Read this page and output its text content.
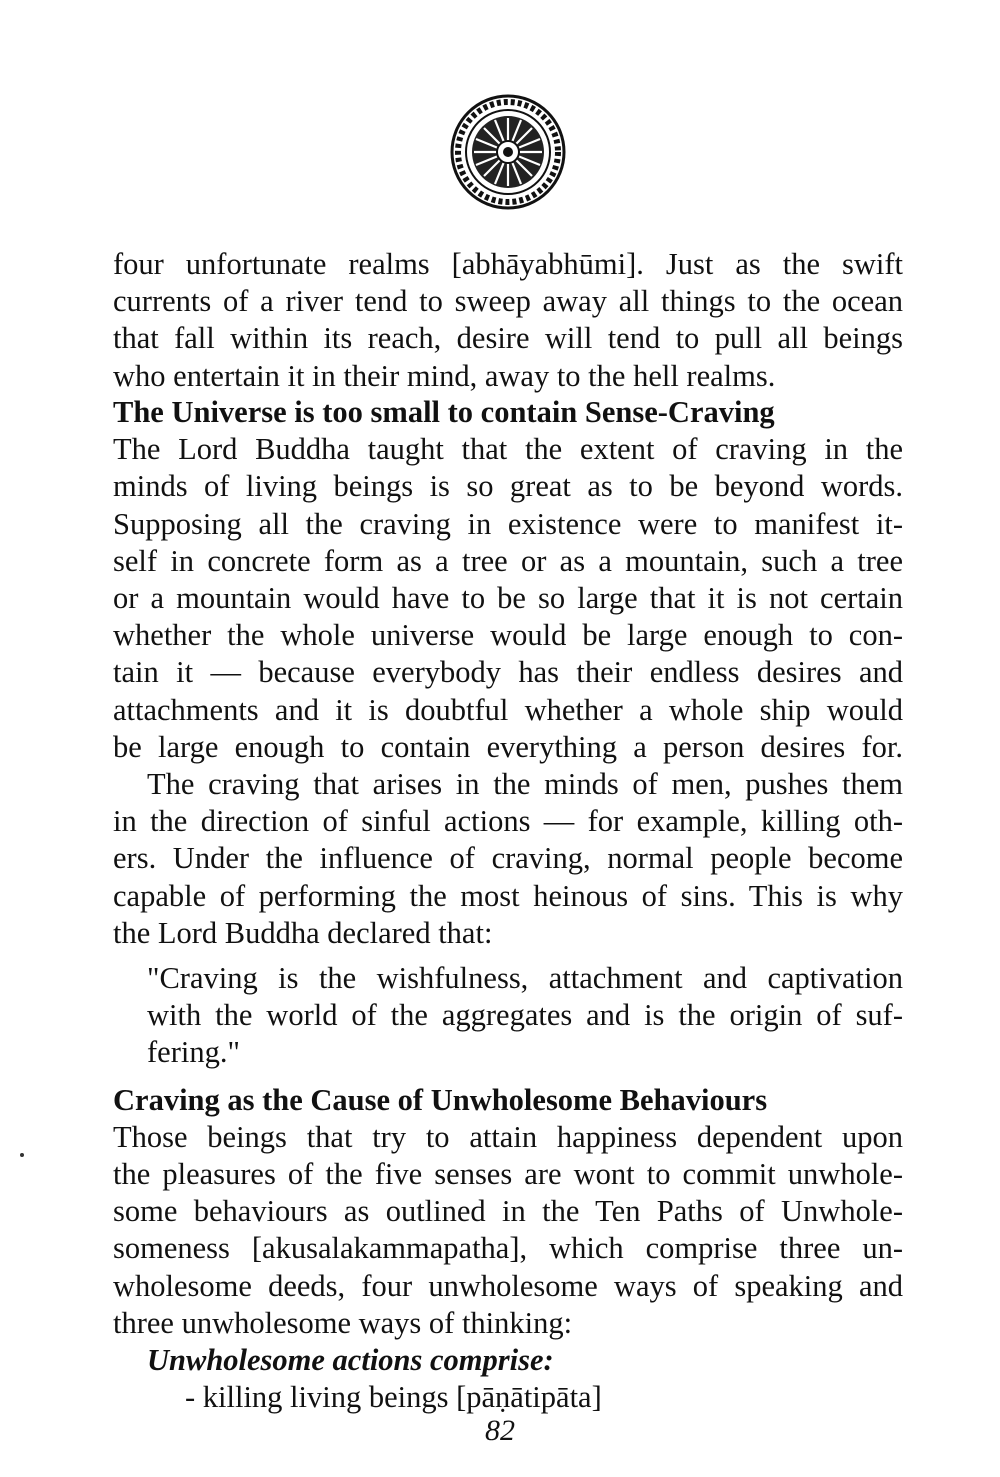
four unfortunate realms [abhāyabhūmi]. Just as the swift
currents of a river tend to sweep away all things to the ocean
that fall within its reach, desire will tend to pull all beings
who entertain it in their mind, away to the hell realms.
The Universe is too small to contain Sense-Craving
The Lord Buddha taught that the extent of craving in the
minds of living beings is so great as to be beyond words.
Supposing all the craving in existence were to manifest it-
self in concrete form as a tree or as a mountain, such a tree
or a mountain would have to be so large that it is not certain
whether the whole universe would be large enough to con-
tain it — because everybody has their endless desires and
attachments and it is doubtful whether a whole ship would
be large enough to contain everything a person desires for.
The craving that arises in the minds of men, pushes them
in the direction of sinful actions — for example, killing oth-
ers. Under the influence of craving, normal people become
capable of performing the most heinous of sins. This is why
the Lord Buddha declared that:
"Craving is the wishfulness, attachment and captivation
with the world of the aggregates and is the origin of suf-
fering."
Craving as the Cause of Unwholesome Behaviours
Those beings that try to attain happiness dependent upon
the pleasures of the five senses are wont to commit unwhole-
some behaviours as outlined in the Ten Paths of Unwhole-
someness [akusalakammapatha], which comprise three un-
wholesome deeds, four unwholesome ways of speaking and
three unwholesome ways of thinking:
Unwholesome actions comprise:
- killing living beings [pāṇātipāta]
82
